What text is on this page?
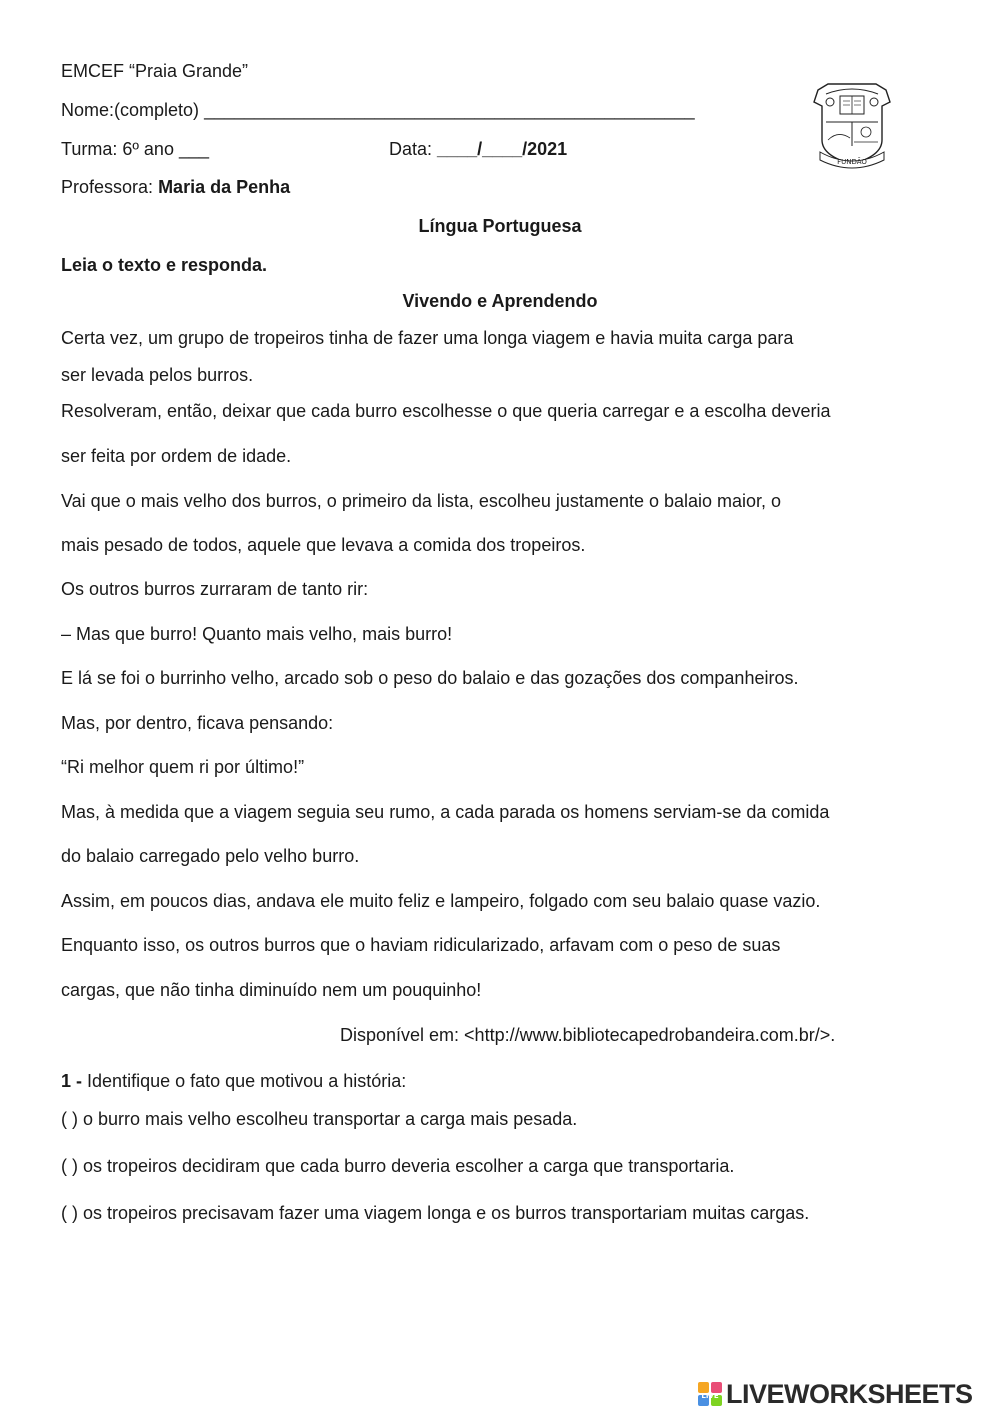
EMCEF “Praia Grande”
Nome:(completo) _________________________________________________
Turma: 6º ano ___	Data: ____/____/2021
Professora: Maria da Penha
FUNDÃO
Língua Portuguesa
Leia o texto e responda.
Vivendo e Aprendendo
Certa vez, um grupo de tropeiros tinha de fazer uma longa viagem e havia muita carga para
ser levada pelos burros.
Resolveram, então, deixar que cada burro escolhesse o que queria carregar e a escolha deveria
ser feita por ordem de idade.
Vai que o mais velho dos burros, o primeiro da lista, escolheu justamente o balaio maior, o
mais pesado de todos, aquele que levava a comida dos tropeiros.
Os outros burros zurraram de tanto rir:
– Mas que burro! Quanto mais velho, mais burro!
E lá se foi o burrinho velho, arcado sob o peso do balaio e das gozações dos companheiros.
Mas, por dentro, ficava pensando:
“Ri melhor quem ri por último!”
Mas, à medida que a viagem seguia seu rumo, a cada parada os homens serviam-se da comida
do balaio carregado pelo velho burro.
Assim, em poucos dias, andava ele muito feliz e lampeiro, folgado com seu balaio quase vazio.
Enquanto isso, os outros burros que o haviam ridicularizado, arfavam com o peso de suas
cargas, que não tinha diminuído nem um pouquinho!
Disponível em: <http://www.bibliotecapedrobandeira.com.br/>.
1 - Identifique o fato que motivou a história:
( ) o burro mais velho escolheu transportar a carga mais pesada.
( ) os tropeiros decidiram que cada burro deveria escolher a carga que transportaria.
( ) os tropeiros precisavam fazer uma viagem longa e os burros transportariam muitas cargas.
LIVE LIVEWORKSHEETS
